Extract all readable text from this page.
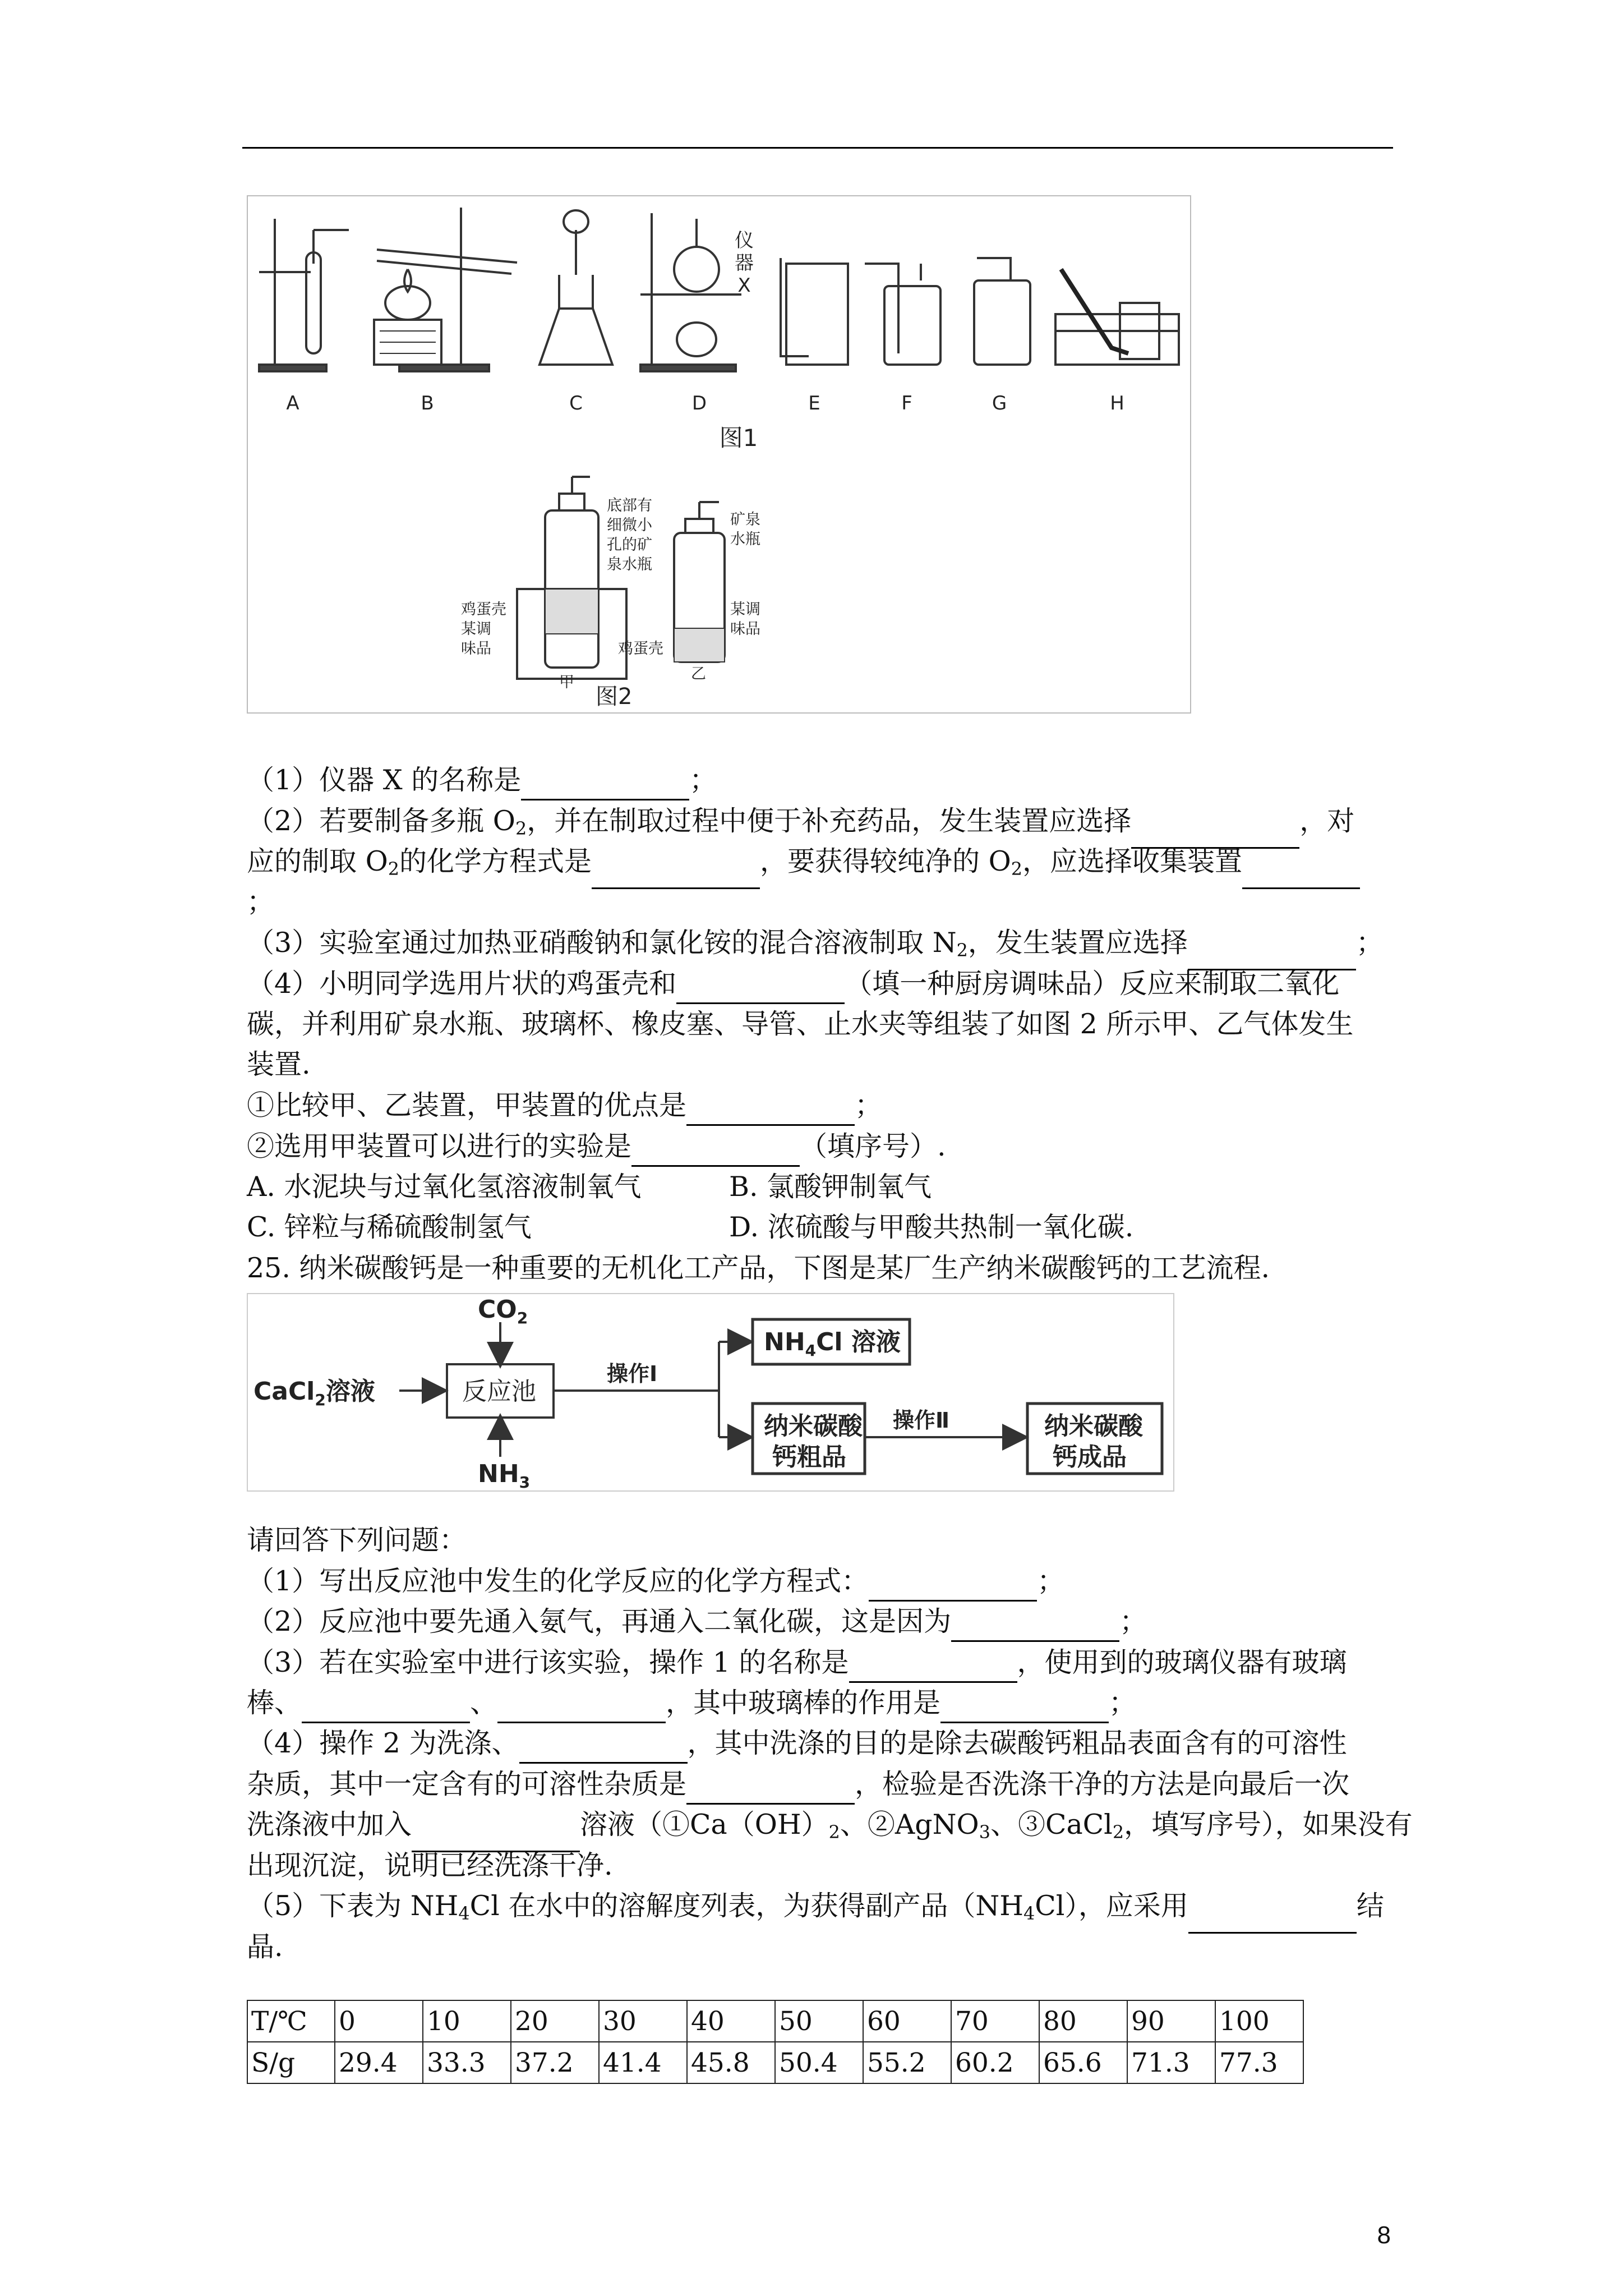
A	B	C	D	E	F	G	H
图1
仪
器
X
底部有
细微小
孔的矿
泉水瓶
矿泉
水瓶
鸡蛋壳
某调
味品	鸡蛋壳
某调
味品
甲	乙
图2
（1）仪器 X 的名称是	；
（2）若要制备多瓶 $O_2$，并在制取过程中便于补充药品，发生装置应选择	，对
应的制取 $O_2$的化学方程式是	，要获得较纯净的 $O_2$，应选择收集装置
；
（3）实验室通过加热亚硝酸钠和氯化铵的混合溶液制取 $N_2$，发生装置应选择	；
（4）小明同学选用片状的鸡蛋壳和	（填一种厨房调味品）反应来制取二氧化
碳，并利用矿泉水瓶、玻璃杯、橡皮塞、导管、止水夹等组装了如图 2 所示甲、乙气体发生
装置.
①比较甲、乙装置，甲装置的优点是	；
②选用甲装置可以进行的实验是	（填序号）.
A. 水泥块与过氧化氢溶液制氧气	B. 氯酸钾制氧气
C. 锌粒与稀硫酸制氢气	D. 浓硫酸与甲酸共热制一氧化碳.
25. 纳米碳酸钙是一种重要的无机化工产品，下图是某厂生产纳米碳酸钙的工艺流程.
CaCl$_2$溶液
$CO_2$
$NH_3$
反应池
操作Ⅰ
操作Ⅱ
$NH_4Cl$ 溶液
纳米碳酸
钙粗品
纳米碳酸
钙成品
请回答下列问题：
（1）写出反应池中发生的化学反应的化学方程式：	；
（2）反应池中要先通入氨气，再通入二氧化碳，这是因为	；
（3）若在实验室中进行该实验，操作 1 的名称是	，使用到的玻璃仪器有玻璃
棒、	、	，其中玻璃棒的作用是	；
（4）操作 2 为洗涤、	，其中洗涤的目的是除去碳酸钙粗品表面含有的可溶性
杂质，其中一定含有的可溶性杂质是	，检验是否洗涤干净的方法是向最后一次
洗涤液中加入	溶液（$①Ca(OH)_2$、②AgNO$_3$、③CaCl$_2$，填写序号），如果没有
出现沉淀，说明已经洗涤干净.
（5）下表为 $NH_4Cl$ 在水中的溶解度列表，为获得副产品$(NH_4Cl)$，应采用	结
晶.
T/℃	0	10	20	30	40	50	60	70	80	90	100
S/g	29.4	33.3	37.2	41.4	45.8	50.4	55.2	60.2	65.6	71.3	77.3
8
